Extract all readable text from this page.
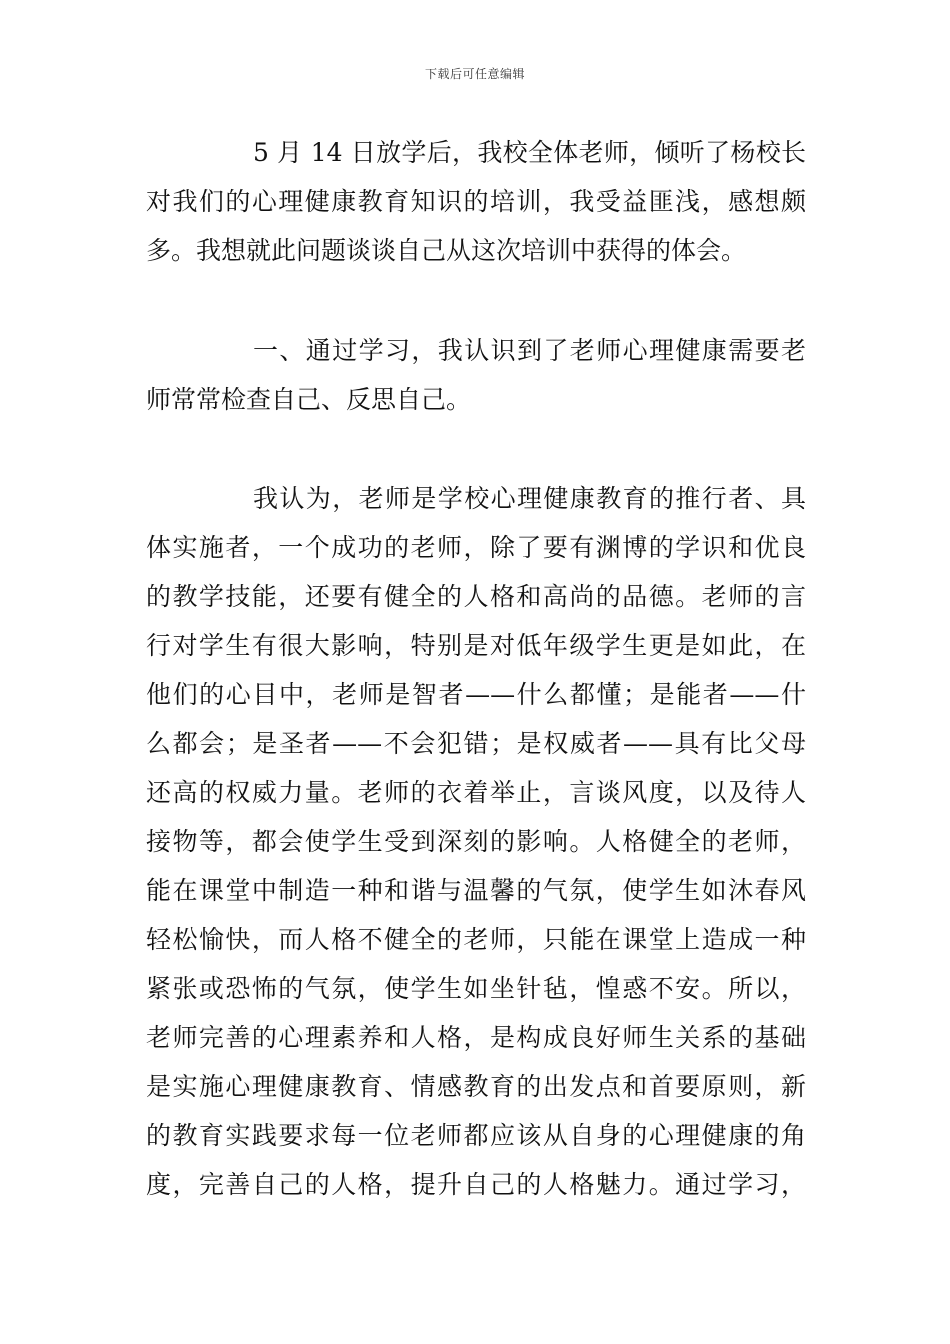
下载后可任意编辑
5 月 14 日放学后，我校全体老师，倾听了杨校长
对我们的心理健康教育知识的培训，我受益匪浅，感想颇
多。我想就此问题谈谈自己从这次培训中获得的体会。
一、通过学习，我认识到了老师心理健康需要老
师常常检查自己、反思自己。
我认为，老师是学校心理健康教育的推行者、具
体实施者，一个成功的老师，除了要有渊博的学识和优良
的教学技能，还要有健全的人格和高尚的品德。老师的言
行对学生有很大影响，特别是对低年级学生更是如此，在
他们的心目中，老师是智者——什么都懂；是能者——什
么都会；是圣者——不会犯错；是权威者——具有比父母
还高的权威力量。老师的衣着举止，言谈风度，以及待人
接物等，都会使学生受到深刻的影响。人格健全的老师，
能在课堂中制造一种和谐与温馨的气氛，使学生如沐春风
轻松愉快，而人格不健全的老师，只能在课堂上造成一种
紧张或恐怖的气氛，使学生如坐针毡，惶惑不安。所以，
老师完善的心理素养和人格，是构成良好师生关系的基础
是实施心理健康教育、情感教育的出发点和首要原则，新
的教育实践要求每一位老师都应该从自身的心理健康的角
度，完善自己的人格，提升自己的人格魅力。通过学习，
